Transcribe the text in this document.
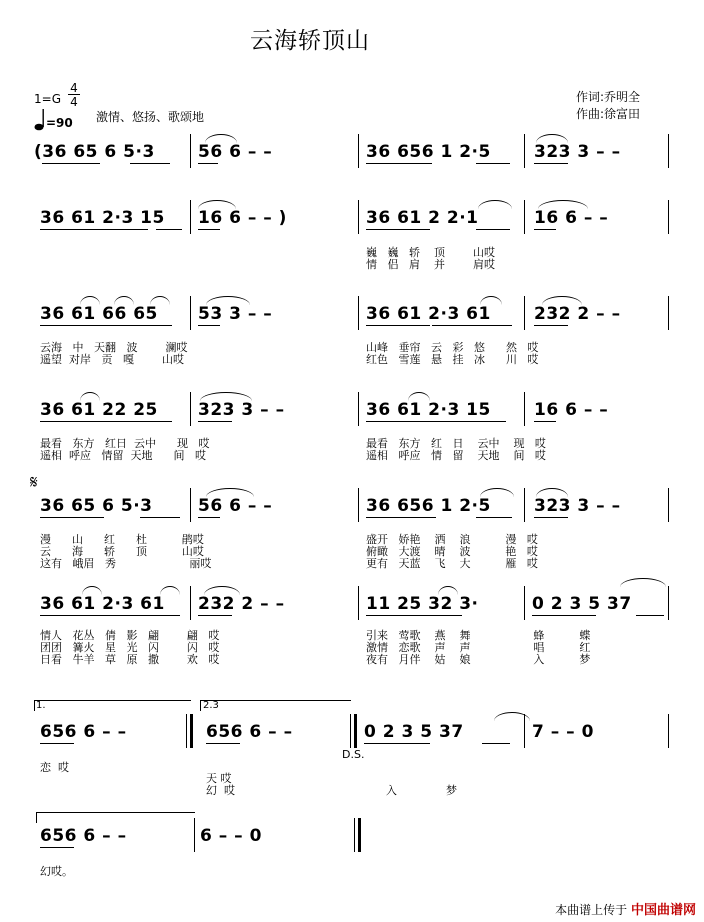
云海轿顶山
1=G
4
4
=90 激情、悠扬、歌颂地
作词:乔明全
作曲:徐富田
(36 65 6 5·3	56 6 – –	36 656 1 2·5	323 3 – –
36 61 2·3 15 16 6 – – )	36 61 2 2·1	16 6 – –
巍   巍   轿    顶        山哎
情   侣   肩    并        肩哎
36 61 66 65 53 3 – –	36 61 2·3 61	232 2 – –
云海   中   天翻   波        澜哎
遥望  对岸   贡   嘎        山哎
山峰   垂帘   云   彩   悠      然   哎
红色   雪莲   悬   挂   冰      川   哎
36 61 22 25 323 3 – –	36 61 2·3 15	16 6 – –
最看   东方   红日  云中      现   哎
遥相  呼应   情留  天地      间   哎
最看   东方   红   日    云中    现   哎
遥相   呼应   情   留    天地    间   哎
𝄋
36 65 6 5·3	56 6 – –	36 656 1 2·5	323 3 – –
漫      山      红      杜          鹃哎
云      海      轿      顶          山哎
这有   峨眉   秀                     丽哎
盛开   娇艳    洒    浪          漫   哎
俯瞰   大渡    晴    波          艳   哎
更有   天蓝    飞    大          雁   哎
36 61 2·3 61 232 2 – –	11 25 32 3·	0 2 3 5 37
情人   花丛   倩   影   翩        翩   哎
团团   篝火   星   光   闪        闪   哎
日看   牛羊   草   原   撒        欢   哎
引来   莺歌    燕    舞                  蜂          蝶
激情   恋歌    声    声                  唱          红
夜有   月伴    姑    娘                  入          梦
1.	2.3
656 6 – –	656 6 – –	0 2 3 5 37	7 – – 0
D.S.
恋  哎
天 哎
幻  哎	入              梦
656 6 – –	6 – – 0
幻哎。
本曲谱上传于 中国曲谱网
